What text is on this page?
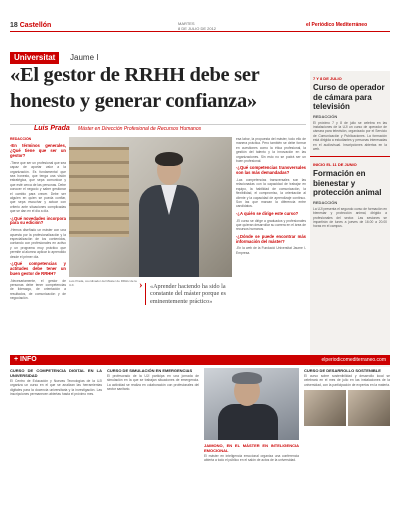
18 Castellón	MARTES
8 DE JULIO DE 2012
el Periódico Mediterráneo
Universitat	Jaume I
«El gestor de RRHH debe ser honesto y generar confianza»
Luis Prada Máster en Dirección Profesional de Recursos Humanos

REDACCIÓN

-En términos generales, ¿Qué tiene que ser un gestor?

-Tiene que ser un profesional que sea capaz de aportar valor a la organización. Es fundamental que sea honesto, que tenga una visión estratégica, que sepa comunicar y que esté cerca de las personas. Debe conocer el negocio y saber gestionar el cambio para crecer. Debe ser alguien en quien se pueda confiar, que sepa escuchar y actuar con criterio ante situaciones complicadas que se dan en el día a día.

-¿Qué novedades incorpora para su edición?

-Hemos diseñado un máster con una apuesta por la profesionalización y la especialización de los contenidos, contando con profesionales en activo y un programa muy práctico que permite al alumno aplicar lo aprendido desde el primer día.

-¿Qué competencias y actitudes debe tener un buen gestor de RRHH?

-Necesariamente, el gestor de personas debe tener competencias de liderazgo, de orientación a resultados, de comunicación y de negociación.

Luis Prada, coordinador del Máster de RRHH de la UJI.	›	«Aprender haciendo ha sido la constante del máster porque es eminentemente práctico»

esa labor, la propuesta del máster, todo ello de manera práctica. Pero también se debe formar en cuestiones como la ética profesional, la gestión del talento y la innovación en las organizaciones. Sin esto no se podrá ser un buen profesional.

-¿Qué competencias transversales son las más demandadas?

-Las competencias transversales son las relacionadas con la capacidad de trabajar en equipo, la habilidad de comunicación, la flexibilidad, el compromiso, la orientación al cliente y la capacidad de aprendizaje continuo. Son las que marcan la diferencia entre candidatos.

-¿A quién se dirige este curso?

-El curso se dirige a graduados y profesionales que quieran desarrollar su carrera en el área de recursos humanos.

-¿Dónde se puede encontrar más información del máster?

-En la web de la Fundació Universitat Jaume I-Empresa.

7 Y 8 DE JULIO
Curso de operador de cámara para televisión
REDACCIÓN
El próximo 7 y 8 de julio se celebra en las instalaciones de la UJI un curso de operador de cámara para televisión, organizado por el Servicio de Comunicación y Publicaciones. La formación está dirigida a estudiantes y personas interesadas en el audiovisual. Inscripciones abiertas en la web.
INICIO EL 11 DE JUNIO
Formación en bienestar y protección animal
REDACCIÓN
La UJI presenta el segundo curso de formación en bienestar y protección animal, dirigido a profesionales del sector. Las sesiones se impartirán de lunes a jueves de 16.00 a 20.00 horas en el campus.
+ INFO	elperiodicomediterraneo.com
CURSO DE COMPETENCIA DIGITAL EN LA UNIVERSIDAD
El Centro de Educación y Nuevas Tecnologías de la UJI organiza un curso en el que se analizan las herramientas digitales para la docencia universitaria y la investigación. Las inscripciones permanecen abiertas hasta el próximo mes.
CURSO DE SIMULACIÓN EN EMERGENCIAS
El profesorado de la UJI participa en una jornada de simulación en la que se trabajan situaciones de emergencia. La actividad se realiza en colaboración con profesionales del sector sanitario.
JAIMONO, EN EL MÁSTER EN INTELIGENCIA EMOCIONAL
El máster en inteligencia emocional organiza una conferencia abierta a todo el público en el salón de actos de la universidad.
CURSO DE DESARROLLO SOSTENIBLE
El curso sobre sostenibilidad y desarrollo local se celebrará en el mes de julio en las instalaciones de la universidad, con la participación de expertos en la materia.
